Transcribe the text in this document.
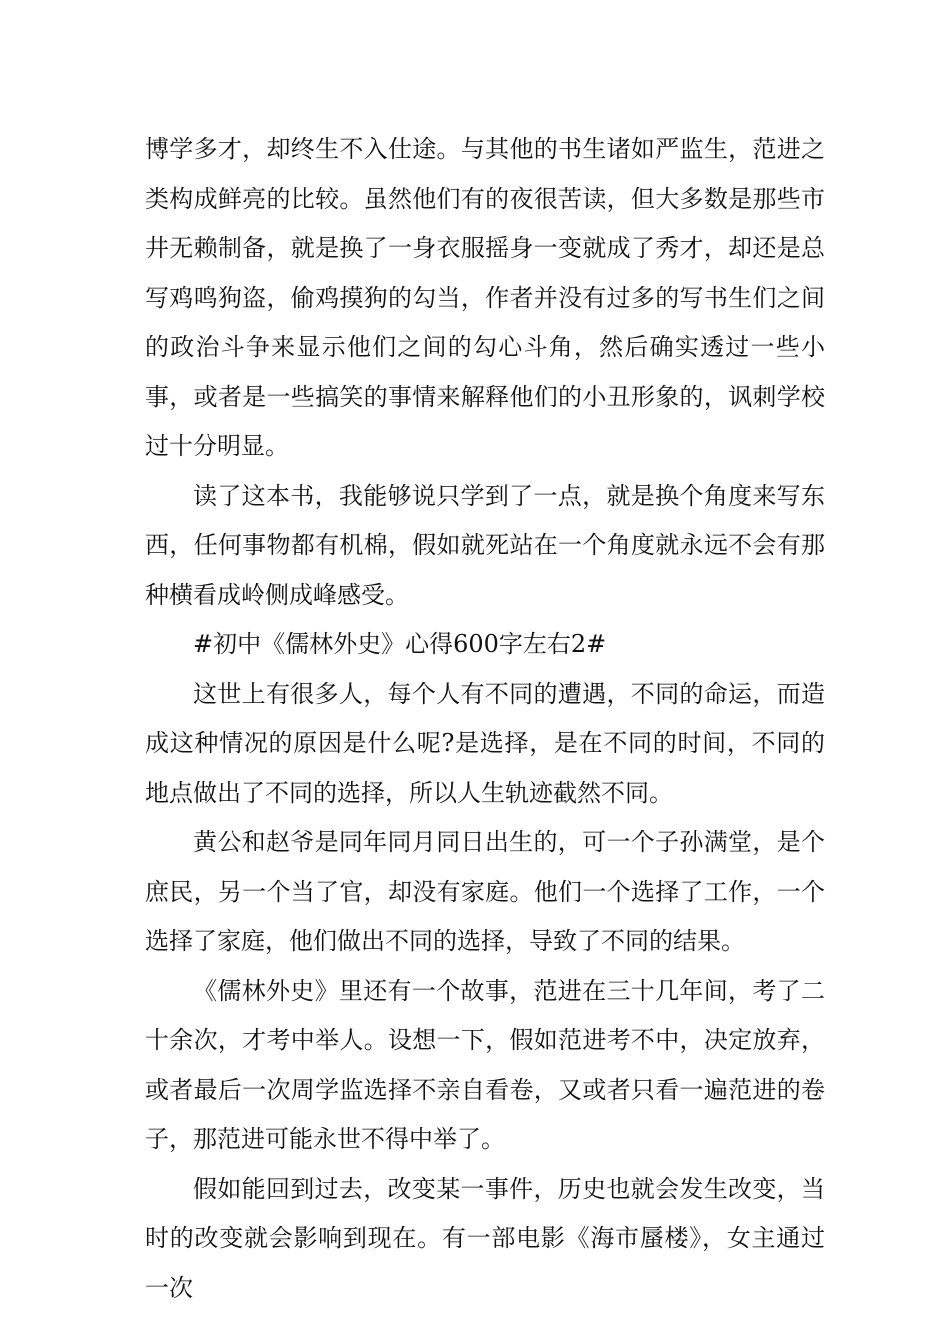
博学多才，却终生不入仕途。与其他的书生诸如严监生，范进之类构成鲜亮的比较。虽然他们有的夜很苦读，但大多数是那些市井无赖制备，就是换了一身衣服摇身一变就成了秀才，却还是总写鸡鸣狗盗，偷鸡摸狗的勾当，作者并没有过多的写书生们之间的政治斗争来显示他们之间的勾心斗角，然后确实透过一些小事，或者是一些搞笑的事情来解释他们的小丑形象的，讽刺学校过十分明显。

读了这本书，我能够说只学到了一点，就是换个角度来写东西，任何事物都有机棉，假如就死站在一个角度就永远不会有那种横看成岭侧成峰感受。

#初中《儒林外史》心得600字左右2#

这世上有很多人，每个人有不同的遭遇，不同的命运，而造成这种情况的原因是什么呢?是选择，是在不同的时间，不同的地点做出了不同的选择，所以人生轨迹截然不同。

黄公和赵爷是同年同月同日出生的，可一个子孙满堂，是个庶民，另一个当了官，却没有家庭。他们一个选择了工作，一个选择了家庭，他们做出不同的选择，导致了不同的结果。

《儒林外史》里还有一个故事，范进在三十几年间，考了二十余次，才考中举人。设想一下，假如范进考不中，决定放弃，或者最后一次周学监选择不亲自看卷，又或者只看一遍范进的卷子，那范进可能永世不得中举了。

假如能回到过去，改变某一事件，历史也就会发生改变，当时的改变就会影响到现在。有一部电影《海市蜃楼》，女主通过一次
